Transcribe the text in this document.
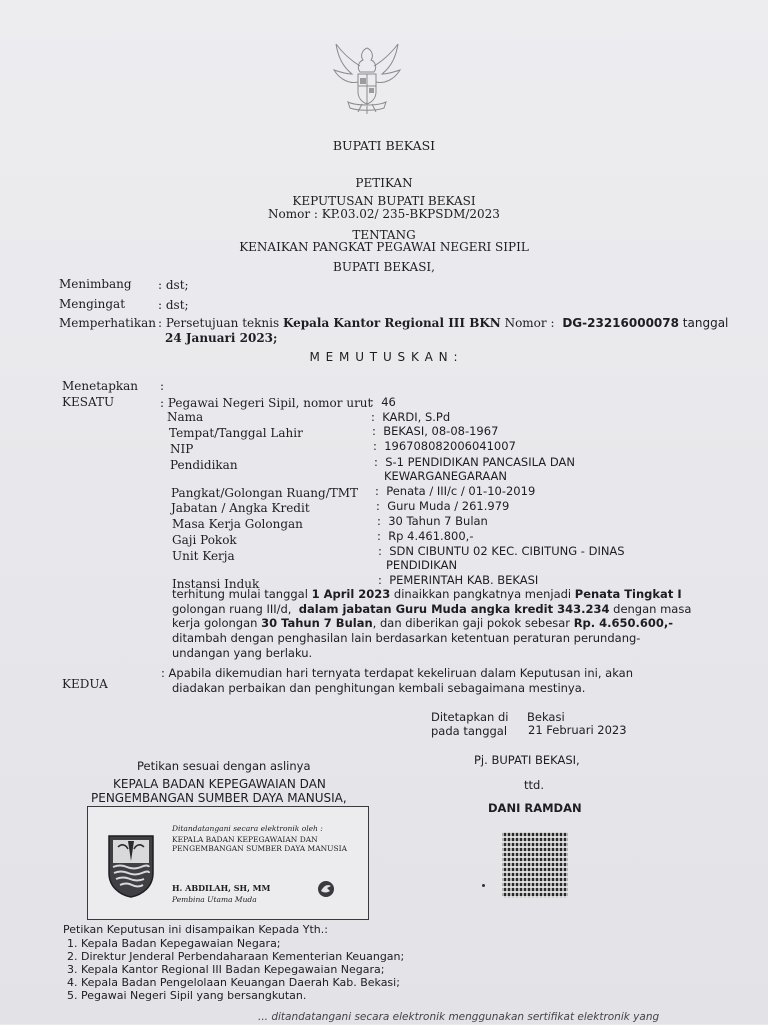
BUPATI BEKASI
PETIKAN
KEPUTUSAN BUPATI BEKASI
Nomor : KP.03.02/ 235-BKPSDM/2023
TENTANG
KENAIKAN PANGKAT PEGAWAI NEGERI SIPIL
BUPATI BEKASI,
Menimbang : dst;
Mengingat	: dst;
Memperhatikan : Persetujuan teknis Kepala Kantor Regional III BKN Nomor : DG-23216000078 tanggal
24 Januari 2023;
M E M U T U S K A N :
Menetapkan :
KESATU	: Pegawai Negeri Sipil, nomor urut
:  46
Nama	:  KARDI, S.Pd
Tempat/Tanggal Lahir	:  BEKASI, 08-08-1967
NIP	:  196708082006041007
Pendidikan	:  S-1 PENDIDIKAN PANCASILA DAN
KEWARGANEGARAAN
Pangkat/Golongan Ruang/TMT :  Penata / III/c / 01-10-2019
Jabatan / Angka Kredit	:  Guru Muda / 261.979
Masa Kerja Golongan	:  30 Tahun 7 Bulan
Gaji Pokok	:  Rp 4.461.800,-
Unit Kerja	:  SDN CIBUNTU 02 KEC. CIBITUNG - DINAS
PENDIDIKAN
Instansi Induk	:  PEMERINTAH KAB. BEKASI
terhitung mulai tanggal 1 April 2023 dinaikkan pangkatnya menjadi Penata Tingkat I
golongan ruang III/d, dalam jabatan Guru Muda angka kredit 343.234 dengan masa
kerja golongan 30 Tahun 7 Bulan, dan diberikan gaji pokok sebesar Rp. 4.650.600,-
ditambah dengan penghasilan lain berdasarkan ketentuan peraturan perundang-
undangan yang berlaku.
KEDUA
: Apabila dikemudian hari ternyata terdapat kekeliruan dalam Keputusan ini, akan
diadakan perbaikan dan penghitungan kembali sebagaimana mestinya.
Ditetapkan di Bekasi
pada tanggal 21 Februari 2023
Petikan sesuai dengan aslinya	Pj. BUPATI BEKASI,
KEPALA BADAN KEPEGAWAIAN DAN
PENGEMBANGAN SUMBER DAYA MANUSIA,
ttd.
DANI RAMDAN
Ditandatangani secara elektronik oleh :
KEPALA BADAN KEPEGAWAIAN DAN
PENGEMBANGAN SUMBER DAYA MANUSIA
H. ABDILAH, SH, MM
Pembina Utama Muda
Petikan Keputusan ini disampaikan Kepada Yth.:
1. Kepala Badan Kepegawaian Negara;
2. Direktur Jenderal Perbendaharaan Kementerian Keuangan;
3. Kepala Kantor Regional III Badan Kepegawaian Negara;
4. Kepala Badan Pengelolaan Keuangan Daerah Kab. Bekasi;
5. Pegawai Negeri Sipil yang bersangkutan.
... ditandatangani secara elektronik menggunakan sertifikat elektronik yang
